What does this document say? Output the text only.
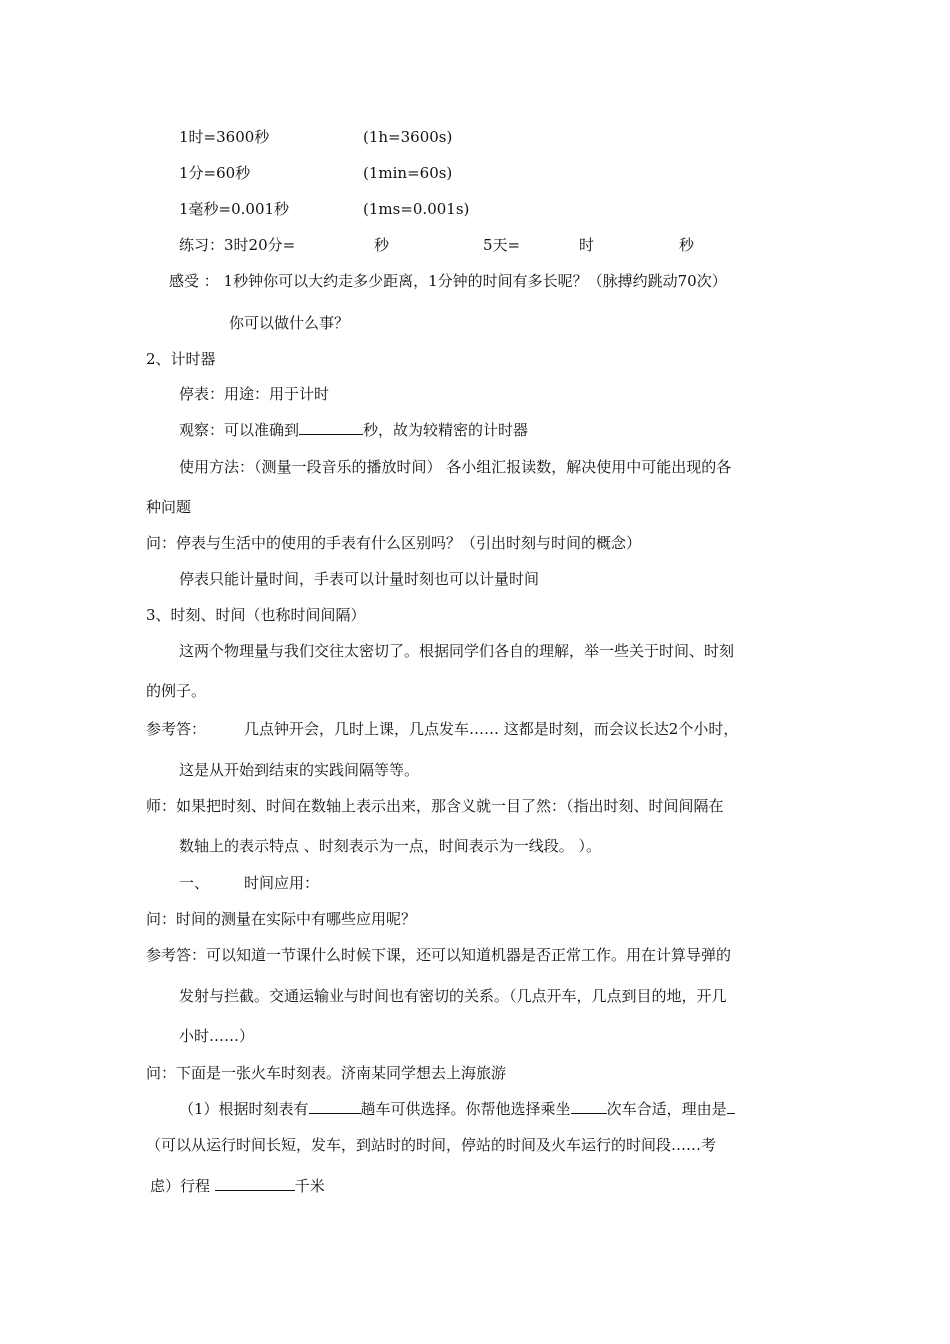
1时=3600秒	(1h=3600s)
1分=60秒	(1min=60s)
1毫秒=0.001秒	(1ms=0.001s)
练习：3时20分=	秒	5天=	时	秒
感受 ： 1秒钟你可以大约走多少距离，1分钟的时间有多长呢？（脉搏约跳动70次）
你可以做什么事？
2、计时器
停表：用途：用于计时
观察：可以准确到	秒，故为较精密的计时器
使用方法：（测量一段音乐的播放时间） 各小组汇报读数，解决使用中可能出现的各
种问题
问：停表与生活中的使用的手表有什么区别吗？（引出时刻与时间的概念）
停表只能计量时间，手表可以计量时刻也可以计量时间
3、时刻、时间（也称时间间隔）
这两个物理量与我们交往太密切了。根据同学们各自的理解，举一些关于时间、时刻
的例子。
参考答：	几点钟开会，几时上课，几点发车…… 这都是时刻，而会议长达2个小时，
这是从开始到结束的实践间隔等等。
师：如果把时刻、时间在数轴上表示出来，那含义就一目了然：（指出时刻、时间间隔在
数轴上的表示特点 、时刻表示为一点，时间表示为一线段。 ）。
一、 时间应用：
问：时间的测量在实际中有哪些应用呢？
参考答：可以知道一节课什么时候下课，还可以知道机器是否正常工作。用在计算导弹的
发射与拦截。交通运输业与时间也有密切的关系。（几点开车，几点到目的地，开几
小时……）
问：下面是一张火车时刻表。济南某同学想去上海旅游
（1）根据时刻表有	趟车可供选择。你帮他选择乘坐 次车合适，理由是
（可以从运行时间长短，发车，到站时的时间，停站的时间及火车运行的时间段……考
虑）行程	千米
